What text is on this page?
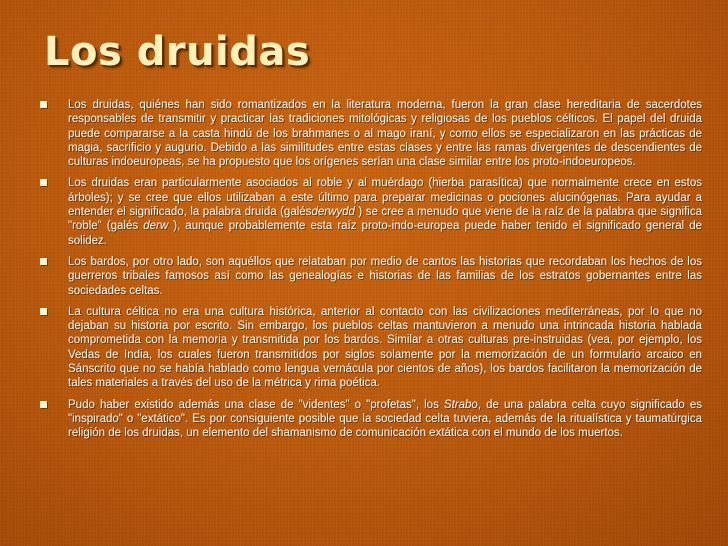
Los druidas
Los druidas, quiénes han sido romantizados en la literatura moderna, fueron la gran clase hereditaria de sacerdotes responsables de transmitir y practicar las tradiciones mitológicas y religiosas de los pueblos célticos. El papel del druida puede compararse a la casta hindú de los brahmanes o al mago iraní, y como ellos se especializaron en las prácticas de magia, sacrificio y augurio. Debido a las similitudes entre estas clases y entre las ramas divergentes de descendientes de culturas indoeuropeas, se ha propuesto que los orígenes serían una clase similar entre los proto-indoeuropeos.
Los druidas eran particularmente asociados al roble y al muérdago (hierba parasítica) que normalmente crece en estos árboles); y se cree que ellos utilizaban a este último para preparar medicinas o pociones alucinógenas. Para ayudar a entender el significado, la palabra druida (galésderwydd ) se cree a menudo que viene de la raíz de la palabra que significa "roble" (galés derw ), aunque probablemente esta raíz proto-indo-europea puede haber tenido el significado general de solidez.
Los bardos, por otro lado, son aquéllos que relataban por medio de cantos las historias que recordaban los hechos de los guerreros tribales famosos así como las genealogías e historias de las familias de los estratos gobernantes entre las sociedades celtas.
La cultura céltica no era una cultura histórica, anterior al contacto con las civilizaciones mediterráneas, por lo que no dejaban su historia por escrito. Sin embargo, los pueblos celtas mantuvieron a menudo una intrincada historia hablada comprometida con la memoria y transmitida por los bardos. Similar a otras culturas pre-instruidas (vea, por ejemplo, los Vedas de India, los cuales fueron transmitidos por siglos solamente por la memorización de un formulario arcaico en Sánscrito que no se había hablado como lengua vernácula por cientos de años), los bardos facilitaron la memorización de tales materiales a través del uso de la métrica y rima poética.
Pudo haber existido además una clase de "videntes" o "profetas", los Strabo, de una palabra celta cuyo significado es "inspirado" o "extático". Es por consiguiente posible que la sociedad celta tuviera, además de la ritualística y taumatúrgica religión de los druidas, un elemento del shamanismo de comunicación extática con el mundo de los muertos.
